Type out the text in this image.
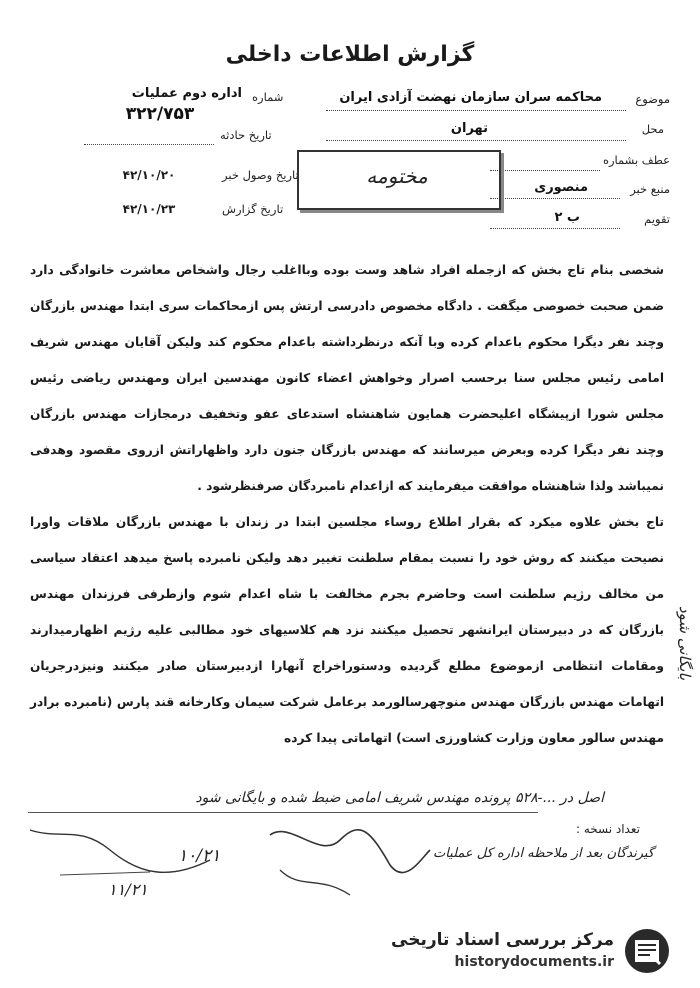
گزارش اطلاعات داخلی
موضوع
محاکمه سران سازمان نهضت آزادی ایران
محل
تهران
عطف بشماره
منبع خبر
منصوری
تقویم
ب ۲
اداره دوم عملیات شماره
۳۲۲/۷۵۳
تاریخ حادثه
تاریخ وصول خبر
۴۲/۱۰/۲۰
تاریخ گزارش
۴۲/۱۰/۲۳
مختومه

شخصی بنام تاج بخش که ازجمله افراد شاهد وست بوده وبااغلب رجال واشخاص معاشرت خانوادگی دارد ضمن صحبت خصوصی میگفت . دادگاه مخصوص دادرسی ارتش پس ازمحاکمات سری ابتدا مهندس بازرگان وچند نفر دیگرا محکوم باعدام کرده وبا آنکه درنظرداشته باعدام محکوم کند ولیکن آقایان مهندس شریف امامی رئیس مجلس سنا برحسب اصرار وخواهش اعضاء کانون مهندسین ایران ومهندس ریاضی رئیس مجلس شورا ازپیشگاه اعلیحضرت همایون شاهنشاه استدعای عفو وتخفیف درمجازات مهندس بازرگان وچند نفر دیگرا کرده وبعرض میرسانند که مهندس بازرگان جنون دارد واظهاراتش ازروی مقصود وهدفی نمیباشد ولذا شاهنشاه موافقت میفرمایند که ازاعدام نامبردگان صرفنظرشود .

تاج بخش علاوه میکرد که بقرار اطلاع روساء مجلسین ابتدا در زندان با مهندس بازرگان ملاقات واورا نصیحت میکنند که روش خود را نسبت بمقام سلطنت تغییر دهد ولیکن نامبرده پاسخ میدهد اعتقاد سیاسی من مخالف رژیم سلطنت است وحاضرم بجرم مخالفت با شاه اعدام شوم وازطرفی فرزندان مهندس بازرگان که در دبیرستان ایرانشهر تحصیل میکنند نزد هم کلاسیهای خود مطالبی علیه رژیم اظهارمیدارند ومقامات انتظامی ازموضوع مطلع گردیده ودستوراخراج آنهارا ازدبیرستان صادر میکنند ونیزدرجریان اتهامات مهندس بازرگان مهندس منوچهرسالورمد برعامل شرکت سیمان وکارخانه قند پارس (نامبرده برادر مهندس سالور معاون وزارت کشاورزی است) اتهاماتی پیدا کرده

بایگانی شود
اصل در ...-۵۲۸ پرونده مهندس شریف امامی ضبط شده و بایگانی شود
تعداد نسخه :
گیرندگان بعد از ملاحظه اداره کل عملیات
۱۰/۲۱
۱۱/۲۱
مرکز بررسی اسناد تاریخی
historydocuments.ir
